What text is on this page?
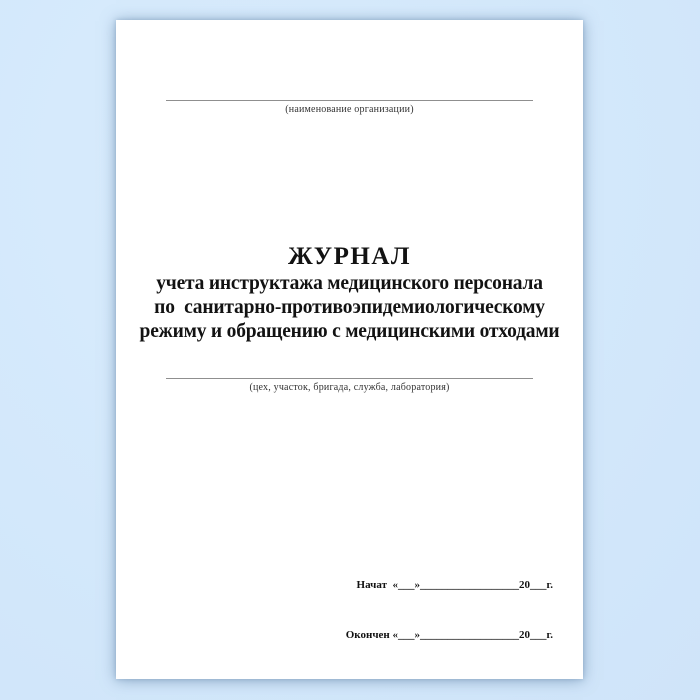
(наименование организации)
ЖУРНАЛ
учета инструктажа медицинского персонала
по  санитарно-противоэпидемиологическому
режиму и обращению с медицинскими отходами
(цех, участок, бригада, служба, лаборатория)

Начат  «___»__________________20___г.

Окончен «___»__________________20___г.
